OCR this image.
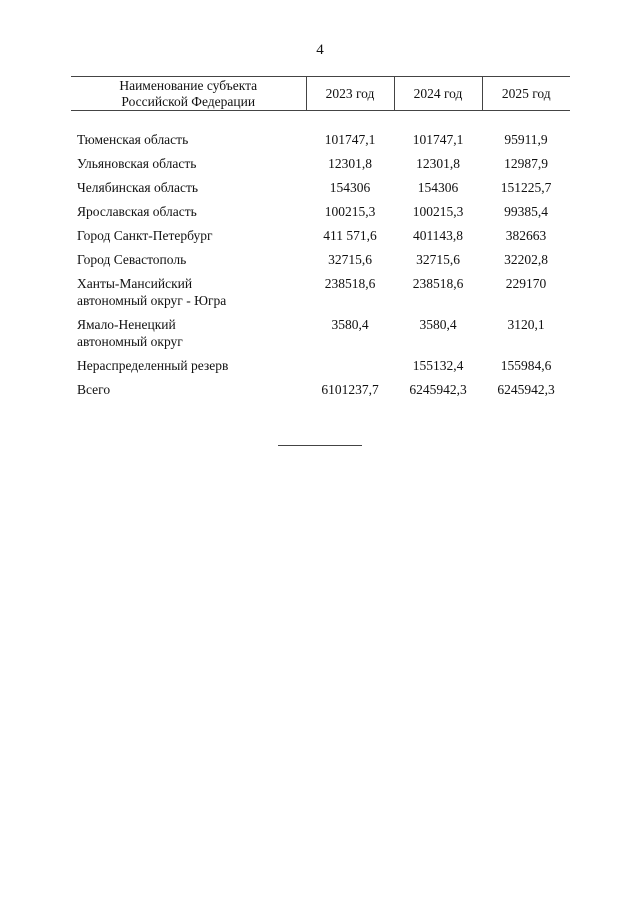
4
Наименование субъекта
Российской Федерации	2023 год	2024 год	2025 год

Тюменская область	101747,1	101747,1	95911,9
Ульяновская область	12301,8	12301,8	12987,9
Челябинская область	154306	154306	151225,7
Ярославская область	100215,3	100215,3	99385,4
Город Санкт-Петербург	411 571,6	401143,8	382663
Город Севастополь	32715,6	32715,6	32202,8

Ханты-Мансийский
автономный округ - Югра	238518,6	238518,6	229170

Ямало-Ненецкий
автономный округ	3580,4	3580,4	3120,1
Нераспределенный резерв		155132,4	155984,6
Всего	6101237,7	6245942,3	6245942,3
